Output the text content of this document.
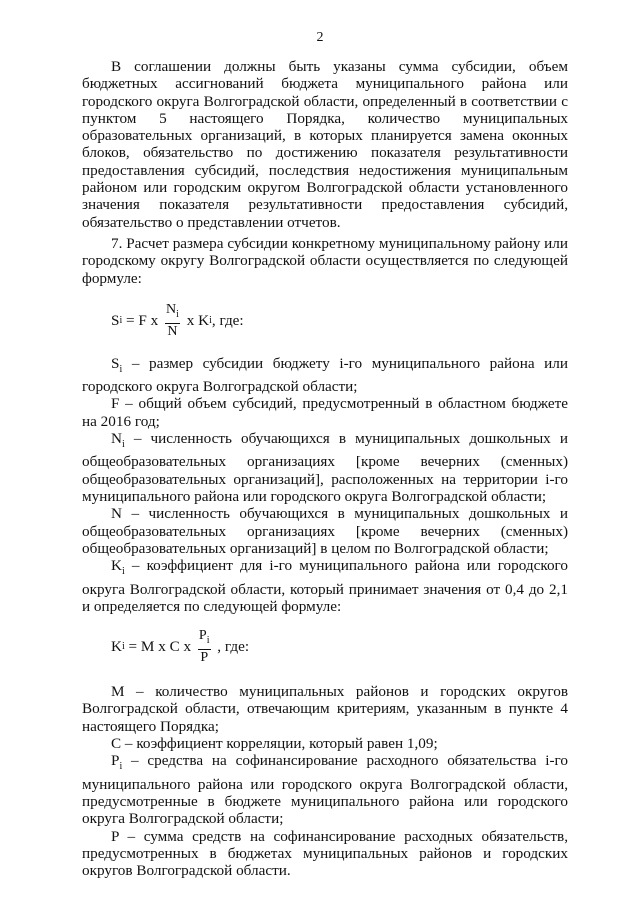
2

В соглашении должны быть указаны сумма субсидии, объем бюджетных ассигнований бюджета муниципального района или городского округа Волгоградской области, определенный в соответствии с пунктом 5 настоящего Порядка, количество муниципальных образовательных организаций, в которых планируется замена оконных блоков, обязательство по достижению показателя результативности предоставления субсидий, последствия недостижения муниципальным районом или городским округом Волгоградской области установленного значения показателя результативности предоставления субсидий, обязательство о представлении отчетов.

7. Расчет размера субсидии конкретному муниципальному району или городскому округу Волгоградской области осуществляется по следующей формуле:

S i = F x $\frac{N_i}{N}$ x K i , где:

$S_i$ – размер субсидии бюджету i-го муниципального района или городского округа Волгоградской области;

F – общий объем субсидий, предусмотренный в областном бюджете на 2016 год;

$N_i$ – численность обучающихся в муниципальных дошкольных и общеобразовательных организациях [кроме вечерних (сменных) общеобразовательных организаций], расположенных на территории i-го муниципального района или городского округа Волгоградской области;

N – численность обучающихся в муниципальных дошкольных и общеобразовательных организациях [кроме вечерних (сменных) общеобразовательных организаций] в целом по Волгоградской области;

$K_i$ – коэффициент для i-го муниципального района или городского округа Волгоградской области, который принимает значения от 0,4 до 2,1 и определяется по следующей формуле:

K i = M x C x $\frac{P_i}{P}$ , где:

M – количество муниципальных районов и городских округов Волгоградской области, отвечающим критериям, указанным в пункте 4 настоящего Порядка;

C – коэффициент корреляции, который равен 1,09;

$P_i$ – средства на софинансирование расходного обязательства i-го муниципального района или городского округа Волгоградской области, предусмотренные в бюджете муниципального района или городского округа Волгоградской области;

P – сумма средств на софинансирование расходных обязательств, предусмотренных в бюджетах муниципальных районов и городских округов Волгоградской области.
